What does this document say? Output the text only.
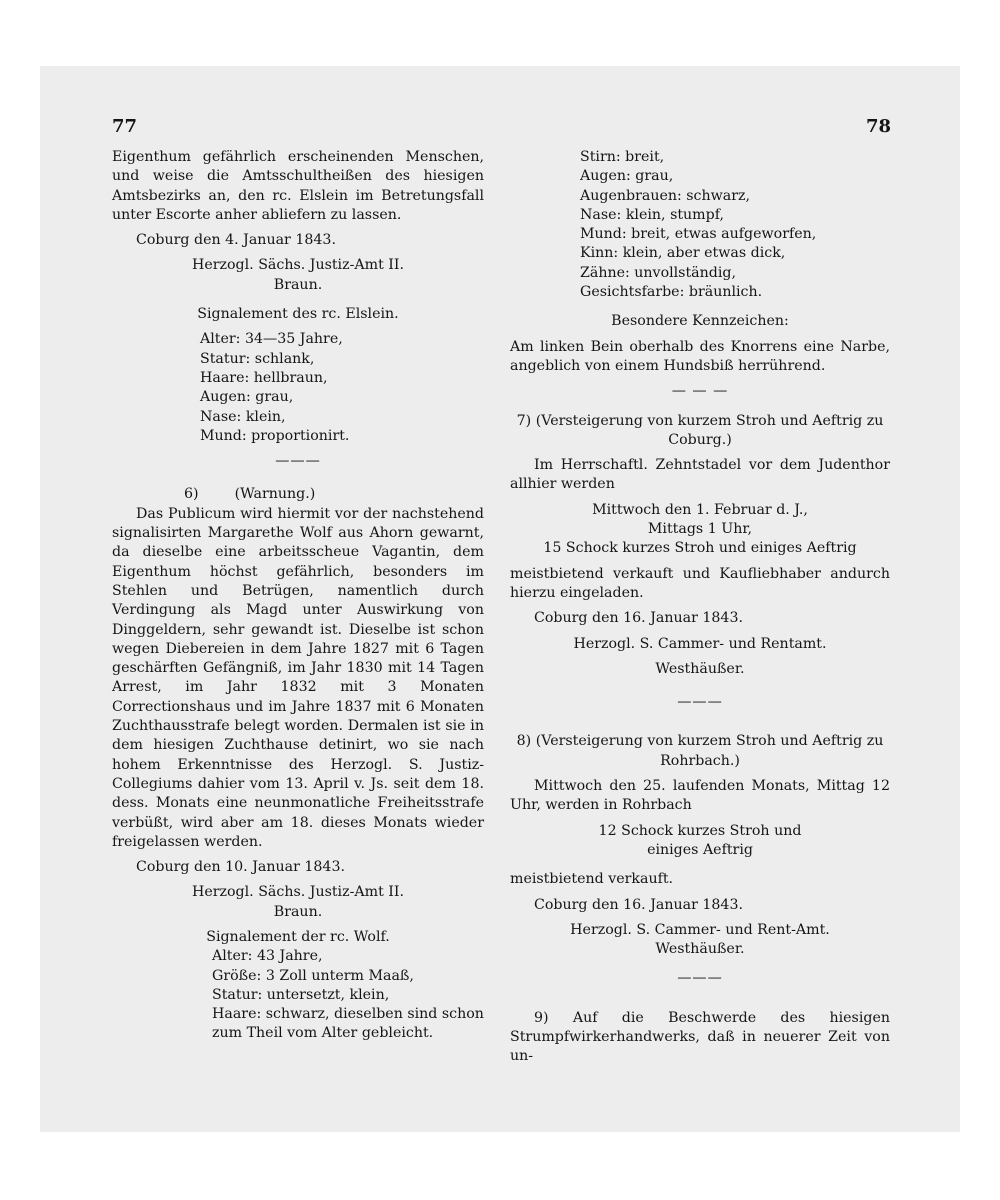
77	78

Eigenthum gefährlich erscheinenden Menschen, und weise die Amtsschultheißen des hiesigen Amtsbezirks an, den rc. Elslein im Betretungsfall unter Escorte anher abliefern zu lassen.

Coburg den 4. Januar 1843.

Herzogl. Sächs. Justiz-Amt II.

Braun.

Signalement des rc. Elslein.

Alter: 34—35 Jahre,

Statur: schlank,

Haare: hellbraun,

Augen: grau,

Nase: klein,

Mund: proportionirt.

———

6)        (Warnung.)

Das Publicum wird hiermit vor der nachstehend signalisirten Margarethe Wolf aus Ahorn gewarnt, da dieselbe eine arbeitsscheue Vagantin, dem Eigenthum höchst gefährlich, besonders im Stehlen und Betrügen, namentlich durch Verdingung als Magd unter Auswirkung von Dinggeldern, sehr gewandt ist. Dieselbe ist schon wegen Diebereien in dem Jahre 1827 mit 6 Tagen geschärften Gefängniß, im Jahr 1830 mit 14 Tagen Arrest, im Jahr 1832 mit 3 Monaten Correctionshaus und im Jahre 1837 mit 6 Monaten Zuchthausstrafe belegt worden. Dermalen ist sie in dem hiesigen Zuchthause detinirt, wo sie nach hohem Erkenntnisse des Herzogl. S. Justiz-Collegiums dahier vom 13. April v. Js. seit dem 18. dess. Monats eine neunmonatliche Freiheitsstrafe verbüßt, wird aber am 18. dieses Monats wieder freigelassen werden.

Coburg den 10. Januar 1843.

Herzogl. Sächs. Justiz-Amt II.

Braun.

Signalement der rc. Wolf.

Alter: 43 Jahre,

Größe: 3 Zoll unterm Maaß,

Statur: untersetzt, klein,

Haare: schwarz, dieselben sind schon zum Theil vom Alter gebleicht.

Stirn: breit,

Augen: grau,

Augenbrauen: schwarz,

Nase: klein, stumpf,

Mund: breit, etwas aufgeworfen,

Kinn: klein, aber etwas dick,

Zähne: unvollständig,

Gesichtsfarbe: bräunlich.

Besondere Kennzeichen:

Am linken Bein oberhalb des Knorrens eine Narbe, angeblich von einem Hundsbiß herrührend.

— — —

7) (Versteigerung von kurzem Stroh und Aeftrig zu Coburg.)

Im Herrschaftl. Zehntstadel vor dem Judenthor allhier werden

Mittwoch den 1. Februar d. J.,

Mittags 1 Uhr,

15 Schock kurzes Stroh und einiges Aeftrig

meistbietend verkauft und Kaufliebhaber andurch hierzu eingeladen.

Coburg den 16. Januar 1843.

Herzogl. S. Cammer- und Rentamt.

Westhäußer.

———

8) (Versteigerung von kurzem Stroh und Aeftrig zu Rohrbach.)

Mittwoch den 25. laufenden Monats, Mittag 12 Uhr, werden in Rohrbach

12 Schock kurzes Stroh und

einiges Aeftrig

meistbietend verkauft.

Coburg den 16. Januar 1843.

Herzogl. S. Cammer- und Rent-Amt.

Westhäußer.

———

9) Auf die Beschwerde des hiesigen Strumpfwirkerhandwerks, daß in neuerer Zeit von un-
